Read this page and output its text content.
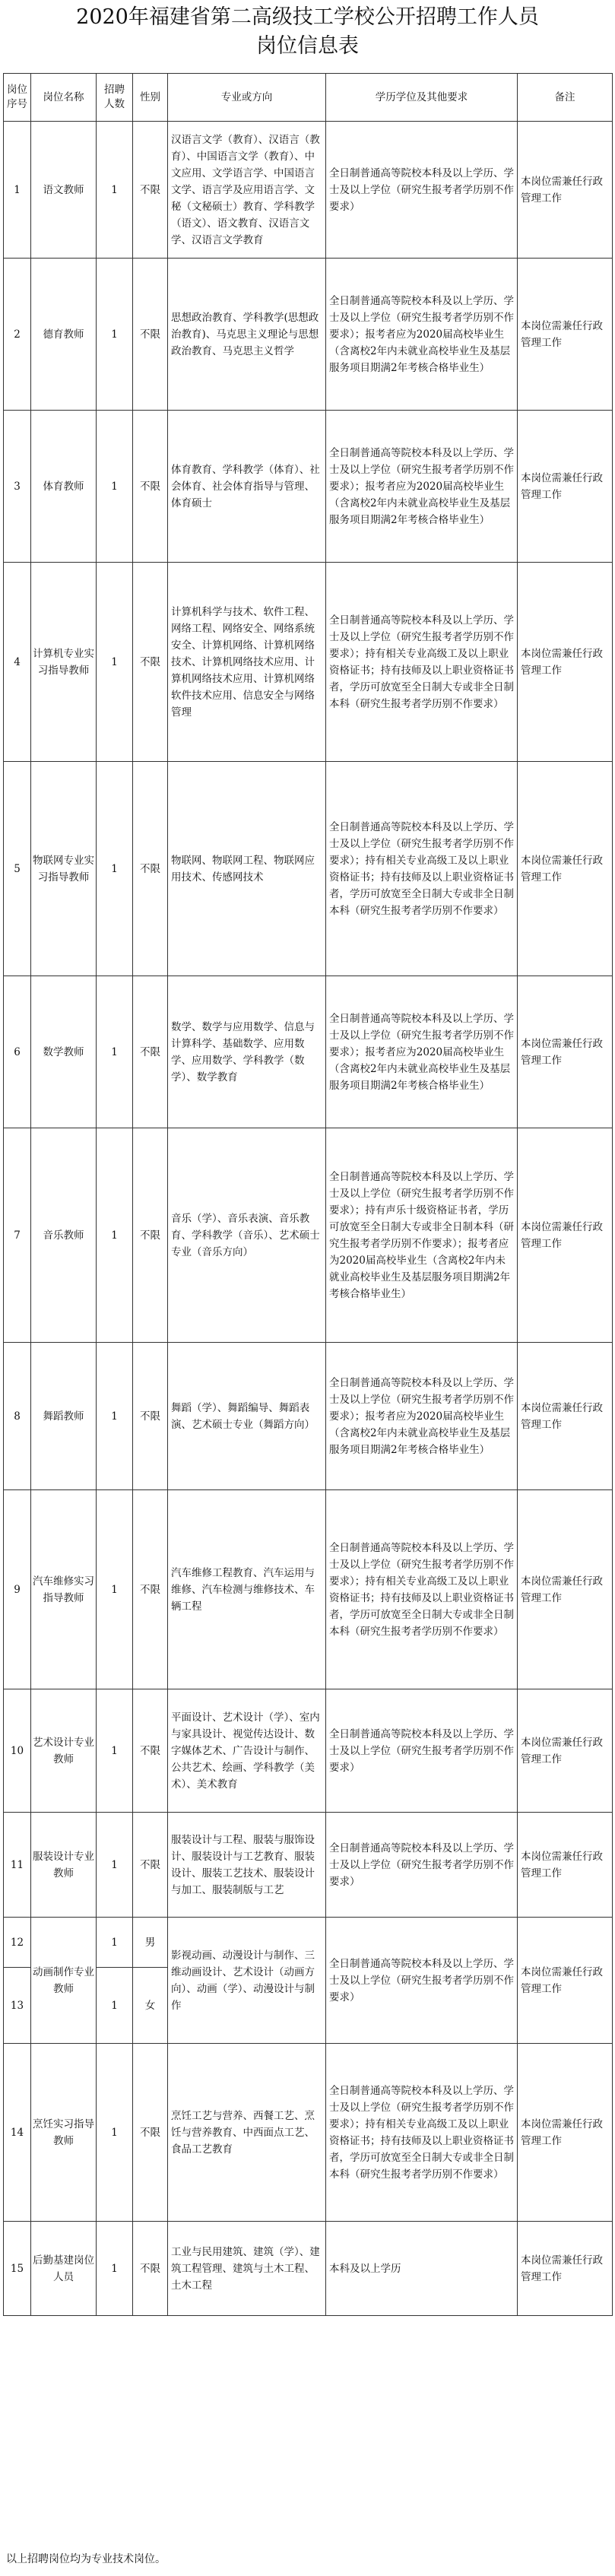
2020年福建省第二高级技工学校公开招聘工作人员
岗位信息表
岗位序号	岗位名称	招聘人数	性别	专业或方向	学历学位及其他要求	备注
1	语文教师	1	不限	汉语言文学（教育）、汉语言（教育）、中国语言文学（教育）、中文应用、文学语言学、中国语言文学、语言学及应用语言学、文秘（文秘硕士）教育、学科教学（语文）、语文教育、汉语言文学、汉语言文学教育	全日制普通高等院校本科及以上学历、学士及以上学位（研究生报考者学历别不作要求）	本岗位需兼任行政管理工作
2	德育教师	1	不限	思想政治教育、学科教学(思想政治教育)、马克思主义理论与思想政治教育、马克思主义哲学	全日制普通高等院校本科及以上学历、学士及以上学位（研究生报考者学历别不作要求）；报考者应为2020届高校毕业生（含离校2年内未就业高校毕业生及基层服务项目期满2年考核合格毕业生）	本岗位需兼任行政管理工作
3	体育教师	1	不限	体育教育、学科教学（体育）、社会体育、社会体育指导与管理、体育硕士	全日制普通高等院校本科及以上学历、学士及以上学位（研究生报考者学历别不作要求）；报考者应为2020届高校毕业生（含离校2年内未就业高校毕业生及基层服务项目期满2年考核合格毕业生）	本岗位需兼任行政管理工作
4	计算机专业实习指导教师	1	不限	计算机科学与技术、软件工程、网络工程、网络安全、网络系统安全、计算机网络、计算机网络技术、计算机网络技术应用、计算机网络技术应用、计算机网络软件技术应用、信息安全与网络管理	全日制普通高等院校本科及以上学历、学士及以上学位（研究生报考者学历别不作要求）；持有相关专业高级工及以上职业资格证书；持有技师及以上职业资格证书者，学历可放宽至全日制大专或非全日制本科（研究生报考者学历别不作要求）	本岗位需兼任行政管理工作
5	物联网专业实习指导教师	1	不限	物联网、物联网工程、物联网应用技术、传感网技术	全日制普通高等院校本科及以上学历、学士及以上学位（研究生报考者学历别不作要求）；持有相关专业高级工及以上职业资格证书；持有技师及以上职业资格证书者，学历可放宽至全日制大专或非全日制本科（研究生报考者学历别不作要求）	本岗位需兼任行政管理工作
6	数学教师	1	不限	数学、数学与应用数学、信息与计算科学、基础数学、应用数学、应用数学、学科教学（数学）、数学教育	全日制普通高等院校本科及以上学历、学士及以上学位（研究生报考者学历别不作要求）；报考者应为2020届高校毕业生（含离校2年内未就业高校毕业生及基层服务项目期满2年考核合格毕业生）	本岗位需兼任行政管理工作
7	音乐教师	1	不限	音乐（学）、音乐表演、音乐教育、学科教学（音乐）、艺术硕士专业（音乐方向）	全日制普通高等院校本科及以上学历、学士及以上学位（研究生报考者学历别不作要求）；持有声乐十级资格证书者，学历可放宽至全日制大专或非全日制本科（研究生报考者学历别不作要求）；报考者应为2020届高校毕业生（含离校2年内未就业高校毕业生及基层服务项目期满2年考核合格毕业生）	本岗位需兼任行政管理工作
8	舞蹈教师	1	不限	舞蹈（学）、舞蹈编导、舞蹈表演、艺术硕士专业（舞蹈方向）	全日制普通高等院校本科及以上学历、学士及以上学位（研究生报考者学历别不作要求）；报考者应为2020届高校毕业生（含离校2年内未就业高校毕业生及基层服务项目期满2年考核合格毕业生）	本岗位需兼任行政管理工作
9	汽车维修实习指导教师	1	不限	汽车维修工程教育、汽车运用与维修、汽车检测与维修技术、车辆工程	全日制普通高等院校本科及以上学历、学士及以上学位（研究生报考者学历别不作要求）；持有相关专业高级工及以上职业资格证书；持有技师及以上职业资格证书者，学历可放宽至全日制大专或非全日制本科（研究生报考者学历别不作要求）	本岗位需兼任行政管理工作
10	艺术设计专业教师	1	不限	平面设计、艺术设计（学）、室内与家具设计、视觉传达设计、数字媒体艺术、广告设计与制作、公共艺术、绘画、学科教学（美术）、美术教育	全日制普通高等院校本科及以上学历、学士及以上学位（研究生报考者学历别不作要求）	本岗位需兼任行政管理工作
11	服装设计专业教师	1	不限	服装设计与工程、服装与服饰设计、服装设计与工艺教育、服装设计、服装工艺技术、服装设计与加工、服装制版与工艺	全日制普通高等院校本科及以上学历、学士及以上学位（研究生报考者学历别不作要求）	本岗位需兼任行政管理工作
12	动画制作专业教师	1	男	影视动画、动漫设计与制作、三维动画设计、艺术设计（动画方向）、动画（学）、动漫设计与制作	全日制普通高等院校本科及以上学历、学士及以上学位（研究生报考者学历别不作要求）	本岗位需兼任行政管理工作
13		1	女			
14	烹饪实习指导教师	1	不限	烹饪工艺与营养、西餐工艺、烹饪与营养教育、中西面点工艺、食品工艺教育	全日制普通高等院校本科及以上学历、学士及以上学位（研究生报考者学历别不作要求）；持有相关专业高级工及以上职业资格证书；持有技师及以上职业资格证书者，学历可放宽至全日制大专或非全日制本科（研究生报考者学历别不作要求）	本岗位需兼任行政管理工作
15	后勤基建岗位人员	1	不限	工业与民用建筑、建筑（学）、建筑工程管理、建筑与土木工程、土木工程	本科及以上学历	本岗位需兼任行政管理工作
以上招聘岗位均为专业技术岗位。
